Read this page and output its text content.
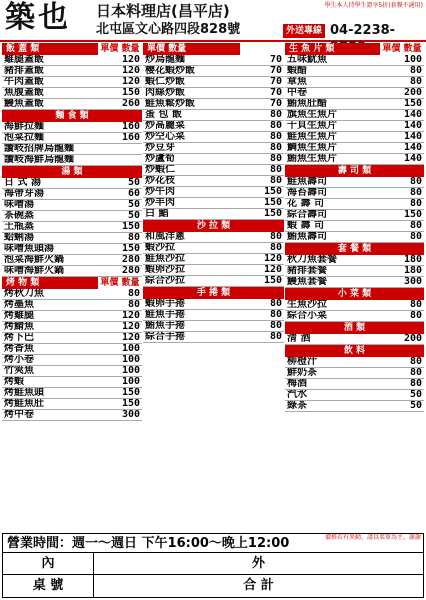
築也 日本料理店(昌平店)
北屯區文心路四段828號
學生本人持學生證享5折(套餐不適用)
外送專線 04-2238-
飯 蓋 類	單價 數量
雞腿蓋飯	120
豬排蓋飯	120
牛肉蓋飯	120
魚腹蓋飯	150
鰻魚蓋飯	260
麵 食 類
海鮮拉麵	160
泡菜拉麵	160
讚岐招牌烏龍麵
讚岐海鮮烏龍麵
湯 類
日 式 湯	50
海帶芽湯	60
味噌湯	50
茶碗蒸	50
土瓶蒸	150
蛤蜊湯	80
味噌魚頭湯	150
泡菜海鮮火鍋	280
味噌海鮮火鍋	280
烤 物 類	單價 數量
烤秋刀魚	80
烤墨魚	80
烤雞腿	120
烤鯖魚	120
烤下巴	120
烤香魚	100
烤小卷	100
竹筴魚	100
烤蝦	100
烤鮭魚頭	150
烤鮭魚肚	150
烤中卷	300
單價 數量
炒烏龍麵	70
櫻花蝦炒飯	70
蝦仁炒飯	70
肉絲炒飯	70
鮭魚鬆炒飯	70
蛋 包 飯	80
炒高麗菜	80
炒空心菜	80
炒豆芽	80
炒蘆筍	80
炒蝦仁	80
炒花枝	80
炒牛肉	150
炒羊肉	150
白 鯧	150
沙 拉 類
和風洋蔥	80
蝦沙拉	80
鮭魚沙拉	120
蝦卵沙拉	120
綜合沙拉	150
手 捲 類
蝦卵手捲	80
鮭魚手捲	80
鮪魚手捲	80
綜合手捲	80
生 魚 片 類	單價 數量
五味魷魚	100
蝦醋	80
章魚	80
中卷	200
鮪魚肚醋	150
旗魚生魚片	140
干貝生魚片	140
鮭魚生魚片	140
鯛魚生魚片	140
鮪魚生魚片	140
壽 司 類
鮭魚壽司	80
海苔壽司	80
花 壽 司	80
綜合壽司	150
蝦 壽 司	80
鮪魚壽司	80
套 餐 類
秋刀魚套餐	180
豬排套餐	180
鰻魚套餐	300
小 菜 類
生魚沙拉	80
綜合小菜	80
酒 類
清 酒	200
飲 料
柳橙汁	80
鮮奶茶	80
梅酒	80
汽水	50
綠茶	50
營業時間：週一～週日 下午16:00～晚上12:00	價格若有異動，請以菜單為主，謝謝
內	外
桌 號	合 計
